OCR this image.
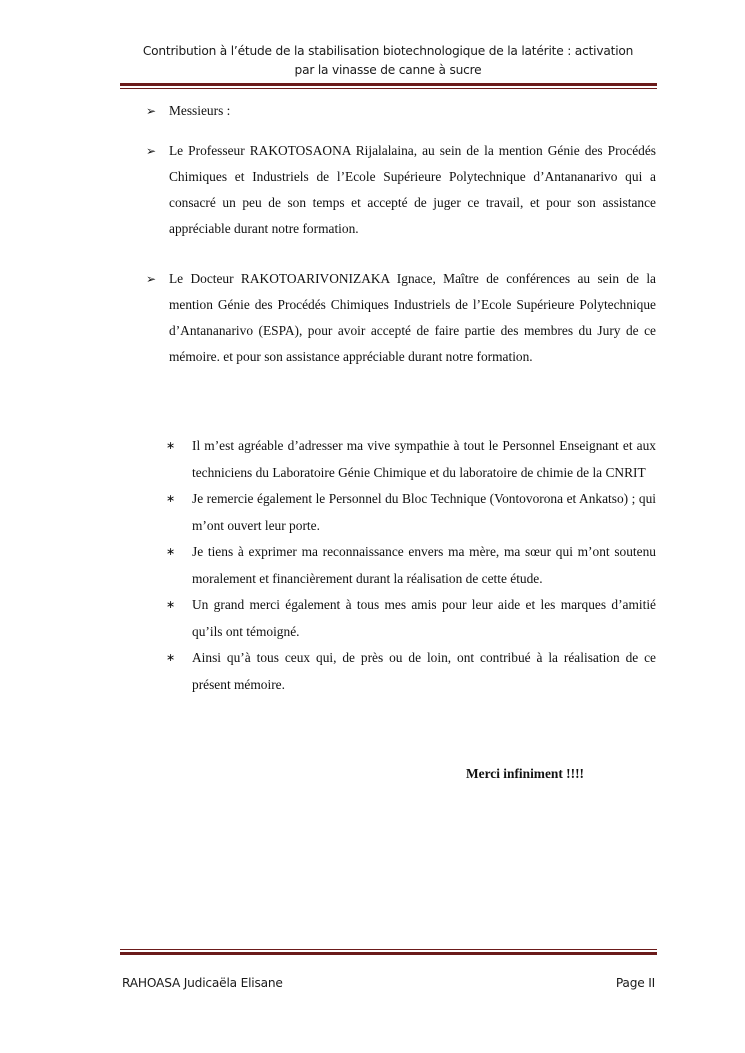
Contribution à l’étude de la stabilisation biotechnologique de la latérite : activation
par la vinasse de canne à sucre
➢ Messieurs :
➢ Le Professeur RAKOTOSAONA Rijalalaina, au sein de la mention Génie des Procédés Chimiques et Industriels de l’Ecole Supérieure Polytechnique d’Antananarivo qui a consacré un peu de son temps et accepté de juger ce travail, et pour son assistance appréciable durant notre formation.
➢ Le Docteur RAKOTOARIVONIZAKA Ignace, Maître de conférences au sein de la mention Génie des Procédés Chimiques Industriels de l’Ecole Supérieure Polytechnique d’Antananarivo (ESPA), pour avoir accepté de faire partie des membres du Jury de ce mémoire. et pour son assistance appréciable durant notre formation.
∗ Il m’est agréable d’adresser ma vive sympathie à tout le Personnel Enseignant et aux techniciens du Laboratoire Génie Chimique et du laboratoire de chimie de la CNRIT
∗ Je remercie également le Personnel du Bloc Technique (Vontovorona et Ankatso) ; qui m’ont ouvert leur porte.
∗ Je tiens à exprimer ma reconnaissance envers ma mère, ma sœur qui m’ont soutenu moralement et financièrement durant la réalisation de cette étude.
∗ Un grand merci également à tous mes amis pour leur aide et les marques d’amitié qu’ils ont témoigné.
∗ Ainsi qu’à tous ceux qui, de près ou de loin, ont contribué à la réalisation de ce présent mémoire.
Merci infiniment !!!!
RAHOASA Judicaëla Elisane	Page II
